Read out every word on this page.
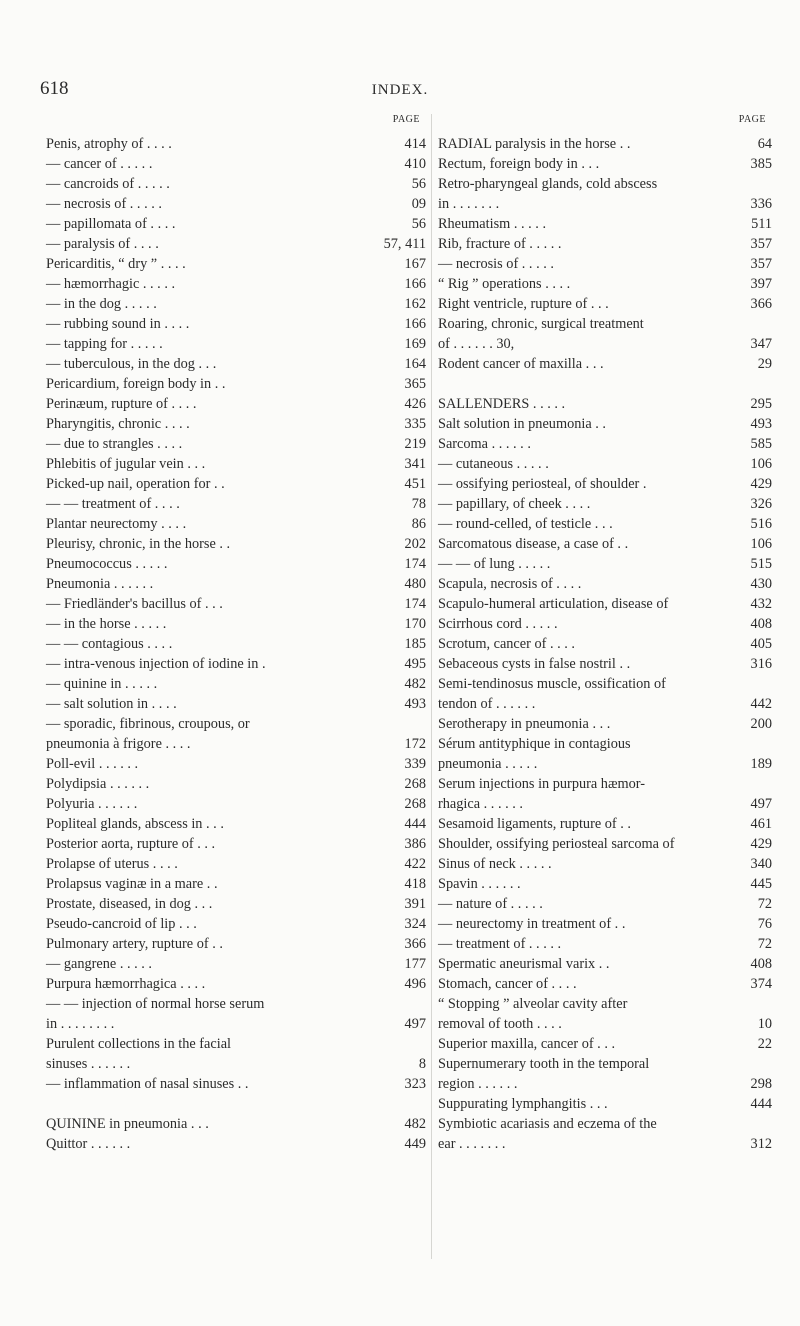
618	INDEX.
PAGE
Penis, atrophy of . . . .	414
— cancer of . . . . .	410
— cancroids of . . . . .	56
— necrosis of . . . . .	09
— papillomata of . . . .	56
— paralysis of . . . .	57, 411
Pericarditis, “ dry ” . . . .	167
— hæmorrhagic . . . . .	166
— in the dog . . . . .	162
— rubbing sound in . . . .	166
— tapping for . . . . .	169
— tuberculous, in the dog . . .	164
Pericardium, foreign body in . .	365
Perinæum, rupture of . . . .	426
Pharyngitis, chronic . . . .	335
— due to strangles . . . .	219
Phlebitis of jugular vein . . .	341
Picked-up nail, operation for . .	451
— — treatment of . . . .	78
Plantar neurectomy . . . .	86
Pleurisy, chronic, in the horse . .	202
Pneumococcus . . . . .	174
Pneumonia . . . . . .	480
— Friedländer's bacillus of . . .	174
— in the horse . . . . .	170
— — contagious . . . .	185
— intra-venous injection of iodine in .	495
— quinine in . . . . .	482
— salt solution in . . . .	493
— sporadic, fibrinous, croupous, or
pneumonia à frigore . . . .	172
Poll-evil . . . . . .	339
Polydipsia . . . . . .	268
Polyuria . . . . . .	268
Popliteal glands, abscess in . . .	444
Posterior aorta, rupture of . . .	386
Prolapse of uterus . . . .	422
Prolapsus vaginæ in a mare . .	418
Prostate, diseased, in dog . . .	391
Pseudo-cancroid of lip . . .	324
Pulmonary artery, rupture of . .	366
— gangrene . . . . .	177
Purpura hæmorrhagica . . . .	496
— — injection of normal horse serum
in . . . . . . . .	497
Purulent collections in the facial
sinuses . . . . . .	8
— inflammation of nasal sinuses . .	323
QUININE in pneumonia . . .	482
Quittor . . . . . .	449
PAGE
RADIAL paralysis in the horse . .	64
Rectum, foreign body in . . .	385
Retro-pharyngeal glands, cold abscess
in . . . . . . .	336
Rheumatism . . . . .	511
Rib, fracture of . . . . .	357
— necrosis of . . . . .	357
“ Rig ” operations . . . .	397
Right ventricle, rupture of . . .	366
Roaring, chronic, surgical treatment
of . . . . . . 30,	347
Rodent cancer of maxilla . . .	29
SALLENDERS . . . . .	295
Salt solution in pneumonia . .	493
Sarcoma . . . . . .	585
— cutaneous . . . . .	106
— ossifying periosteal, of shoulder .	429
— papillary, of cheek . . . .	326
— round-celled, of testicle . . .	516
Sarcomatous disease, a case of . .	106
— — of lung . . . . .	515
Scapula, necrosis of . . . .	430
Scapulo-humeral articulation, disease of	432
Scirrhous cord . . . . .	408
Scrotum, cancer of . . . .	405
Sebaceous cysts in false nostril . .	316
Semi-tendinosus muscle, ossification of
tendon of . . . . . .	442
Serotherapy in pneumonia . . .	200
Sérum antityphique in contagious
pneumonia . . . . .	189
Serum injections in purpura hæmor-
rhagica . . . . . .	497
Sesamoid ligaments, rupture of . .	461
Shoulder, ossifying periosteal sarcoma of	429
Sinus of neck . . . . .	340
Spavin . . . . . .	445
— nature of . . . . .	72
— neurectomy in treatment of . .	76
— treatment of . . . . .	72
Spermatic aneurismal varix . .	408
Stomach, cancer of . . . .	374
“ Stopping ” alveolar cavity after
removal of tooth . . . .	10
Superior maxilla, cancer of . . .	22
Supernumerary tooth in the temporal
region . . . . . .	298
Suppurating lymphangitis . . .	444
Symbiotic acariasis and eczema of the
ear . . . . . . .	312
